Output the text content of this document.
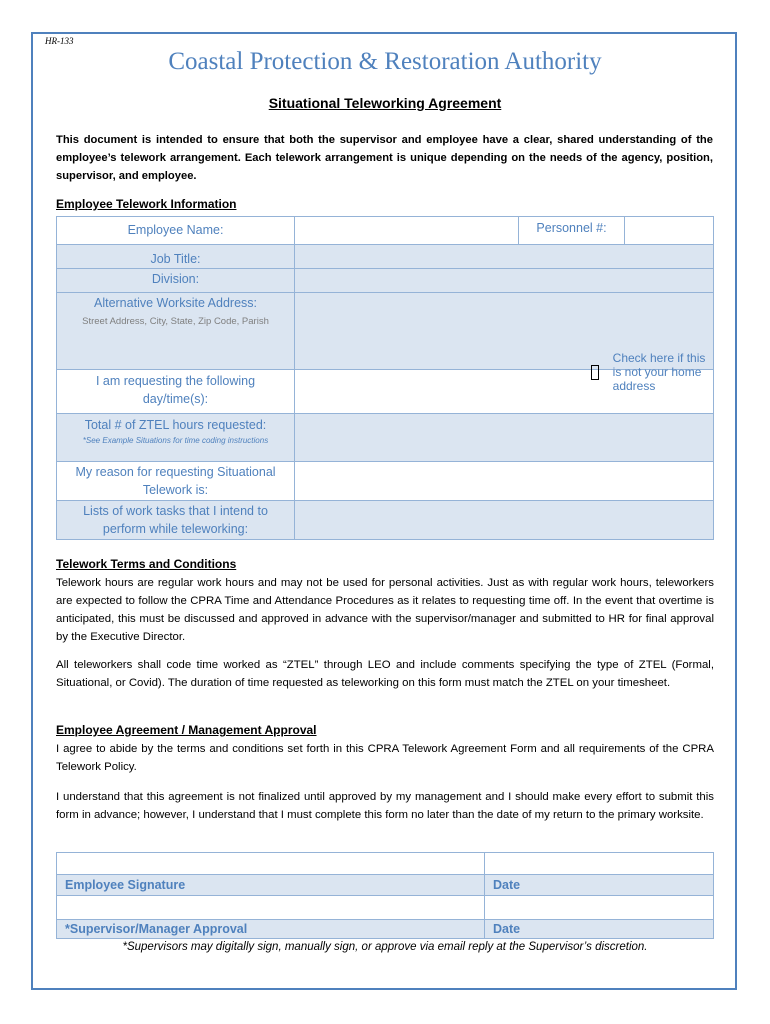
HR-133
Coastal Protection & Restoration Authority
Situational Teleworking Agreement
This document is intended to ensure that both the supervisor and employee have a clear, shared understanding of the employee’s telework arrangement. Each telework arrangement is unique depending on the needs of the agency, position, supervisor, and employee.
Employee Telework Information
Employee Name:		Personnel #:	
Job Title:			
Division:			

Alternative Worksite Address:
Street Address, City, State, Zip Code, Parish	Check here if this is not your home address		

I am requesting the following day/time(s):			

Total # of ZTEL hours requested:
*See Example Situations for time coding instructions			

My reason for requesting Situational Telework is:			
Lists of work tasks that I intend to perform while teleworking:			
Telework Terms and Conditions
Telework hours are regular work hours and may not be used for personal activities. Just as with regular work hours, teleworkers are expected to follow the CPRA Time and Attendance Procedures as it relates to requesting time off. In the event that overtime is anticipated, this must be discussed and approved in advance with the supervisor/manager and submitted to HR for final approval by the Executive Director.
All teleworkers shall code time worked as “ZTEL” through LEO and include comments specifying the type of ZTEL (Formal, Situational, or Covid). The duration of time requested as teleworking on this form must match the ZTEL on your timesheet.
Employee Agreement / Management Approval
I agree to abide by the terms and conditions set forth in this CPRA Telework Agreement Form and all requirements of the CPRA Telework Policy.
I understand that this agreement is not finalized until approved by my management and I should make every effort to submit this form in advance; however, I understand that I must complete this form no later than the date of my return to the primary worksite.

Employee Signature	Date

*Supervisor/Manager Approval	Date
*Supervisors may digitally sign, manually sign, or approve via email reply at the Supervisor’s discretion.
